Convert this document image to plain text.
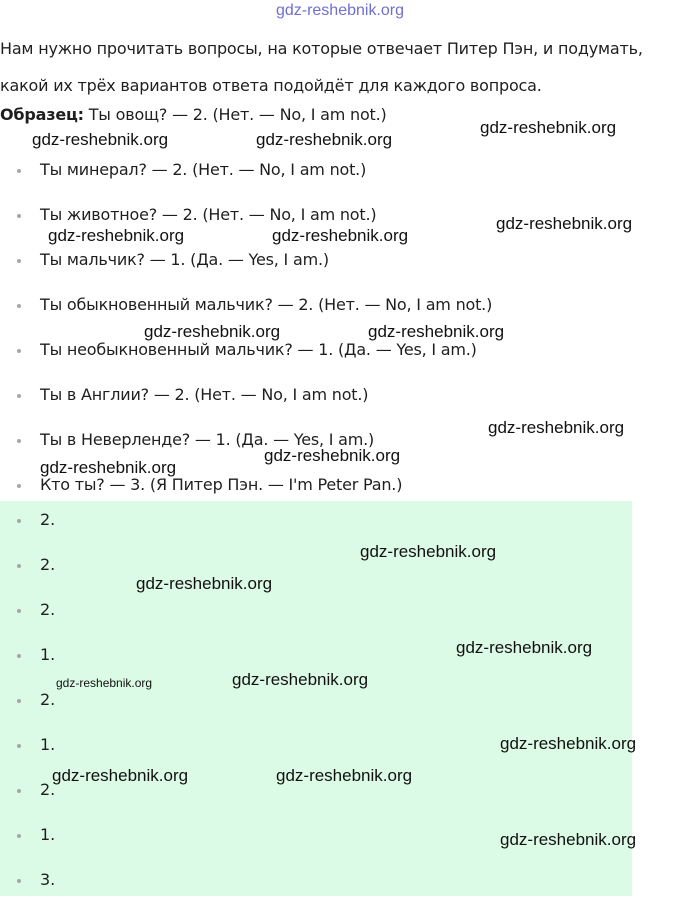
gdz-reshebnik.org
Нам нужно прочитать вопросы, на которые отвечает Питер Пэн, и подумать,
какой их трёх вариантов ответа подойдёт для каждого вопроса.
Образец: Ты овощ? — 2. (Нет. — No, I am not.)
Ты минерал? — 2. (Нет. — No, I am not.)
Ты животное? — 2. (Нет. — No, I am not.)
Ты мальчик? — 1. (Да. — Yes, I am.)
Ты обыкновенный мальчик? — 2. (Нет. — No, I am not.)
Ты необыкновенный мальчик? — 1. (Да. — Yes, I am.)
Ты в Англии? — 2. (Нет. — No, I am not.)
Ты в Неверленде? — 1. (Да. — Yes, I am.)
Кто ты? — 3. (Я Питер Пэн. — I'm Peter Pan.)
2.
2.
2.
1.
2.
1.
2.
1.
3.
gdz-reshebnik.org	gdz-reshebnik.org
gdz-reshebnik.org
gdz-reshebnik.org
gdz-reshebnik.org	gdz-reshebnik.org
gdz-reshebnik.org	gdz-reshebnik.org
gdz-reshebnik.org
gdz-reshebnik.org
gdz-reshebnik.org
gdz-reshebnik.org
gdz-reshebnik.org
gdz-reshebnik.org
gdz-reshebnik.org	gdz-reshebnik.org
gdz-reshebnik.org
gdz-reshebnik.org	gdz-reshebnik.org
gdz-reshebnik.org
